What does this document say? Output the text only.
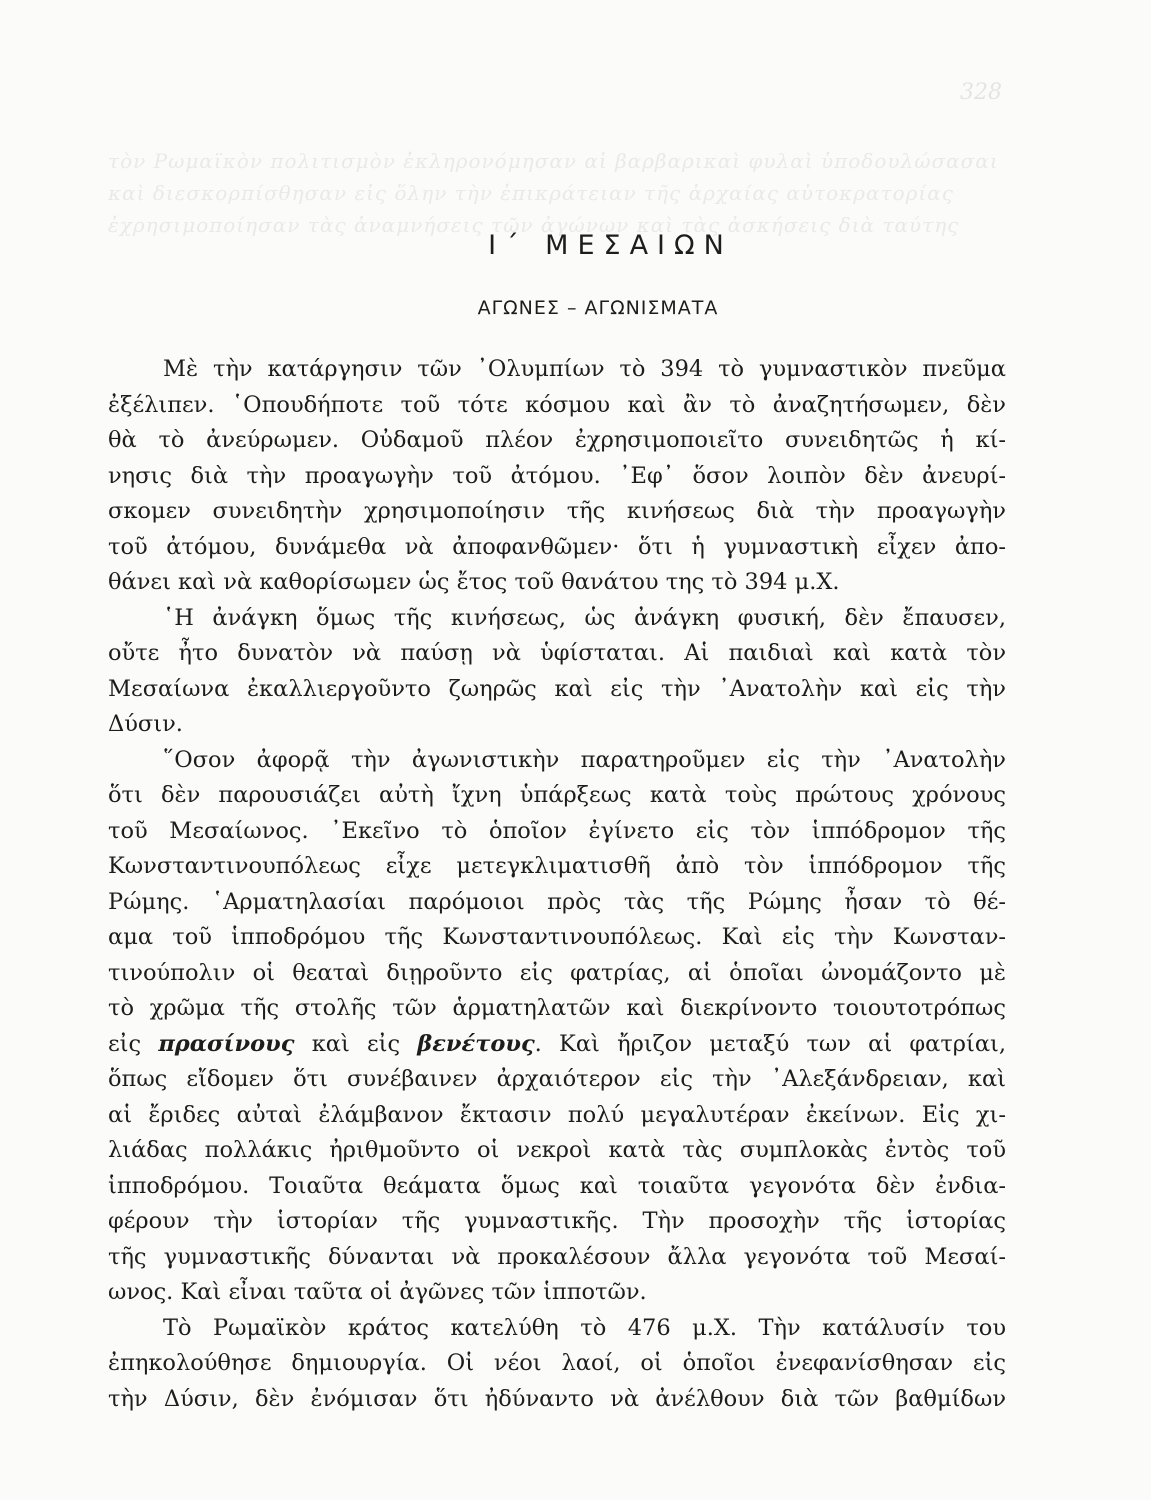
328
τὸν Ρωμαϊκὸν πολιτισμὸν ἐκληρονόμησαν αἱ βαρβαρικαὶ φυλαὶ ὑποδουλώσασαι
καὶ διεσκορπίσθησαν εἰς ὅλην τὴν ἐπικράτειαν τῆς ἀρχαίας αὐτοκρατορίας
ἐχρησιμοποίησαν τὰς ἀναμνήσεις τῶν ἀγώνων καὶ τὰς ἀσκήσεις διὰ ταύτης
Ι΄ ΜΕΣΑΙΩΝ
ΑΓΩΝΕΣ – ΑΓΩΝΙΣΜΑΤΑ
Μὲ τὴν κατάργησιν τῶν ᾿Ολυμπίων τὸ 394 τὸ γυμναστικὸν πνεῦμα
ἐξέλιπεν. ῾Οπουδήποτε τοῦ τότε κόσμου καὶ ἂν τὸ ἀναζητήσωμεν, δὲν
θὰ τὸ ἀνεύρωμεν. Οὐδαμοῦ πλέον ἐχρησιμοποιεῖτο συνειδητῶς ἡ κί-
νησις διὰ τὴν προαγωγὴν τοῦ ἀτόμου. ᾿Εφ᾿ ὅσον λοιπὸν δὲν ἀνευρί-
σκομεν συνειδητὴν χρησιμοποίησιν τῆς κινήσεως διὰ τὴν προαγωγὴν
τοῦ ἀτόμου, δυνάμεθα νὰ ἀποφανθῶμεν· ὅτι ἡ γυμναστικὴ εἶχεν ἀπο-
θάνει καὶ νὰ καθορίσωμεν ὡς ἔτος τοῦ θανάτου της τὸ 394 μ.Χ.
῾Η ἀνάγκη ὅμως τῆς κινήσεως, ὡς ἀνάγκη φυσική, δὲν ἔπαυσεν,
οὔτε ἦτο δυνατὸν νὰ παύσῃ νὰ ὑφίσταται. Αἱ παιδιαὶ καὶ κατὰ τὸν
Μεσαίωνα ἐκαλλιεργοῦντο ζωηρῶς καὶ εἰς τὴν ᾿Ανατολὴν καὶ εἰς τὴν
Δύσιν.
῞Οσον ἀφορᾷ τὴν ἀγωνιστικὴν παρατηροῦμεν εἰς τὴν ᾿Ανατολὴν
ὅτι δὲν παρουσιάζει αὐτὴ ἴχνη ὑπάρξεως κατὰ τοὺς πρώτους χρόνους
τοῦ Μεσαίωνος. ᾿Εκεῖνο τὸ ὁποῖον ἐγίνετο εἰς τὸν ἱππόδρομον τῆς
Κωνσταντινουπόλεως εἶχε μετεγκλιματισθῆ ἀπὸ τὸν ἱππόδρομον τῆς
Ρώμης. ῾Αρματηλασίαι παρόμοιοι πρὸς τὰς τῆς Ρώμης ἦσαν τὸ θέ-
αμα τοῦ ἱπποδρόμου τῆς Κωνσταντινουπόλεως. Καὶ εἰς τὴν Κωνσταν-
τινούπολιν οἱ θεαταὶ διῃροῦντο εἰς φατρίας, αἱ ὁποῖαι ὠνομάζοντο μὲ
τὸ χρῶμα τῆς στολῆς τῶν ἁρματηλατῶν καὶ διεκρίνοντο τοιουτοτρόπως
εἰς πρασίνους καὶ εἰς βενέτους. Καὶ ἤριζον μεταξύ των αἱ φατρίαι,
ὅπως εἴδομεν ὅτι συνέβαινεν ἀρχαιότερον εἰς τὴν ᾿Αλεξάνδρειαν, καὶ
αἱ ἔριδες αὐταὶ ἐλάμβανον ἔκτασιν πολύ μεγαλυτέραν ἐκείνων. Εἰς χι-
λιάδας πολλάκις ἠριθμοῦντο οἱ νεκροὶ κατὰ τὰς συμπλοκὰς ἐντὸς τοῦ
ἱπποδρόμου. Τοιαῦτα θεάματα ὅμως καὶ τοιαῦτα γεγονότα δὲν ἐνδια-
φέρουν τὴν ἱστορίαν τῆς γυμναστικῆς. Τὴν προσοχὴν τῆς ἱστορίας
τῆς γυμναστικῆς δύνανται νὰ προκαλέσουν ἄλλα γεγονότα τοῦ Μεσαί-
ωνος. Καὶ εἶναι ταῦτα οἱ ἀγῶνες τῶν ἱπποτῶν.
Τὸ Ρωμαϊκὸν κράτος κατελύθη τὸ 476 μ.Χ. Τὴν κατάλυσίν του
ἐπηκολούθησε δημιουργία. Οἱ νέοι λαοί, οἱ ὁποῖοι ἐνεφανίσθησαν εἰς
τὴν Δύσιν, δὲν ἐνόμισαν ὅτι ἠδύναντο νὰ ἀνέλθουν διὰ τῶν βαθμίδων
